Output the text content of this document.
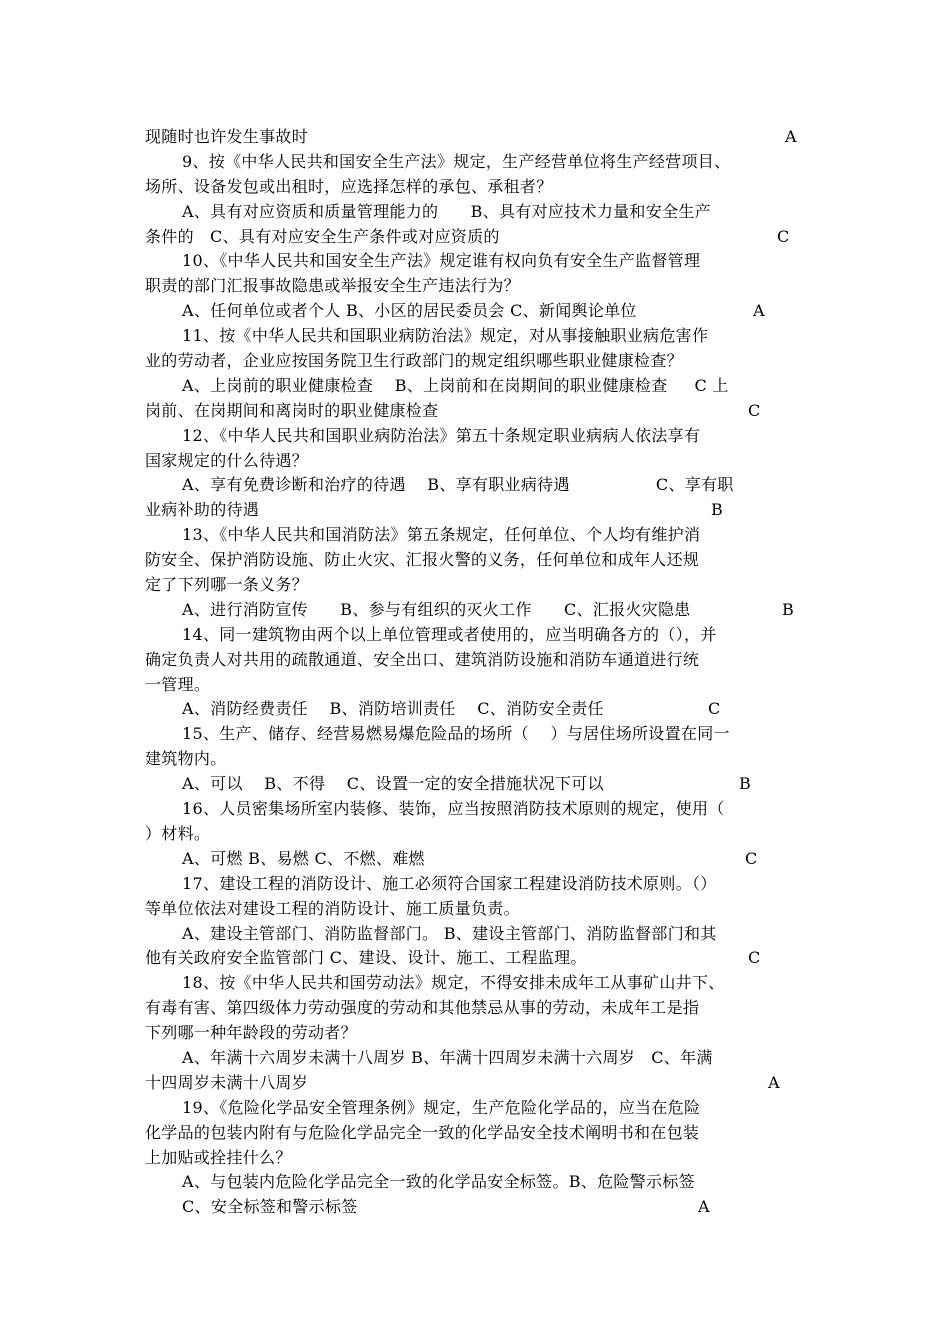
现随时也许发生事故时	A
9、按《中华人民共和国安全生产法》规定，生产经营单位将生产经营项目、
场所、设备发包或出租时，应选择怎样的承包、承租者？
A、具有对应资质和质量管理能力的      B、具有对应技术力量和安全生产
条件的   C、具有对应安全生产条件或对应资质的	C
10、《中华人民共和国安全生产法》规定谁有权向负有安全生产监督管理
职责的部门汇报事故隐患或举报安全生产违法行为？
A、任何单位或者个人 B、小区的居民委员会 C、新闻舆论单位	A
11、按《中华人民共和国职业病防治法》规定，对从事接触职业病危害作
业的劳动者，企业应按国务院卫生行政部门的规定组织哪些职业健康检查？
A、上岗前的职业健康检查    B、上岗前和在岗期间的职业健康检查     C 上
岗前、在岗期间和离岗时的职业健康检查	C
12、《中华人民共和国职业病防治法》第五十条规定职业病病人依法享有
国家规定的什么待遇？
A、享有免费诊断和治疗的待遇    B、享有职业病待遇                C、享有职
业病补助的待遇	B
13、《中华人民共和国消防法》第五条规定，任何单位、个人均有维护消
防安全、保护消防设施、防止火灾、汇报火警的义务，任何单位和成年人还规
定了下列哪一条义务？
A、进行消防宣传      B、参与有组织的灭火工作      C、汇报火灾隐患	B
14、同一建筑物由两个以上单位管理或者使用的，应当明确各方的（），并
确定负责人对共用的疏散通道、安全出口、建筑消防设施和消防车通道进行统
一管理。
A、消防经费责任    B、消防培训责任    C、消防安全责任	C
15、生产、储存、经营易燃易爆危险品的场所（    ）与居住场所设置在同一
建筑物内。
A、可以    B、不得    C、设置一定的安全措施状况下可以	B
16、人员密集场所室内装修、装饰，应当按照消防技术原则的规定，使用（
）材料。
A、可燃 B、易燃 C、不燃、难燃	C
17、建设工程的消防设计、施工必须符合国家工程建设消防技术原则。（）
等单位依法对建设工程的消防设计、施工质量负责。
A、建设主管部门、消防监督部门。 B、建设主管部门、消防监督部门和其
他有关政府安全监管部门 C、建设、设计、施工、工程监理。	C
18、按《中华人民共和国劳动法》规定，不得安排未成年工从事矿山井下、
有毒有害、第四级体力劳动强度的劳动和其他禁忌从事的劳动，未成年工是指
下列哪一种年龄段的劳动者？
A、年满十六周岁未满十八周岁 B、年满十四周岁未满十六周岁   C、年满
十四周岁未满十八周岁	A
19、《危险化学品安全管理条例》规定，生产危险化学品的，应当在危险
化学品的包装内附有与危险化学品完全一致的化学品安全技术阐明书和在包装
上加贴或拴挂什么？
A、与包装内危险化学品完全一致的化学品安全标签。B、危险警示标签
C、安全标签和警示标签	A
